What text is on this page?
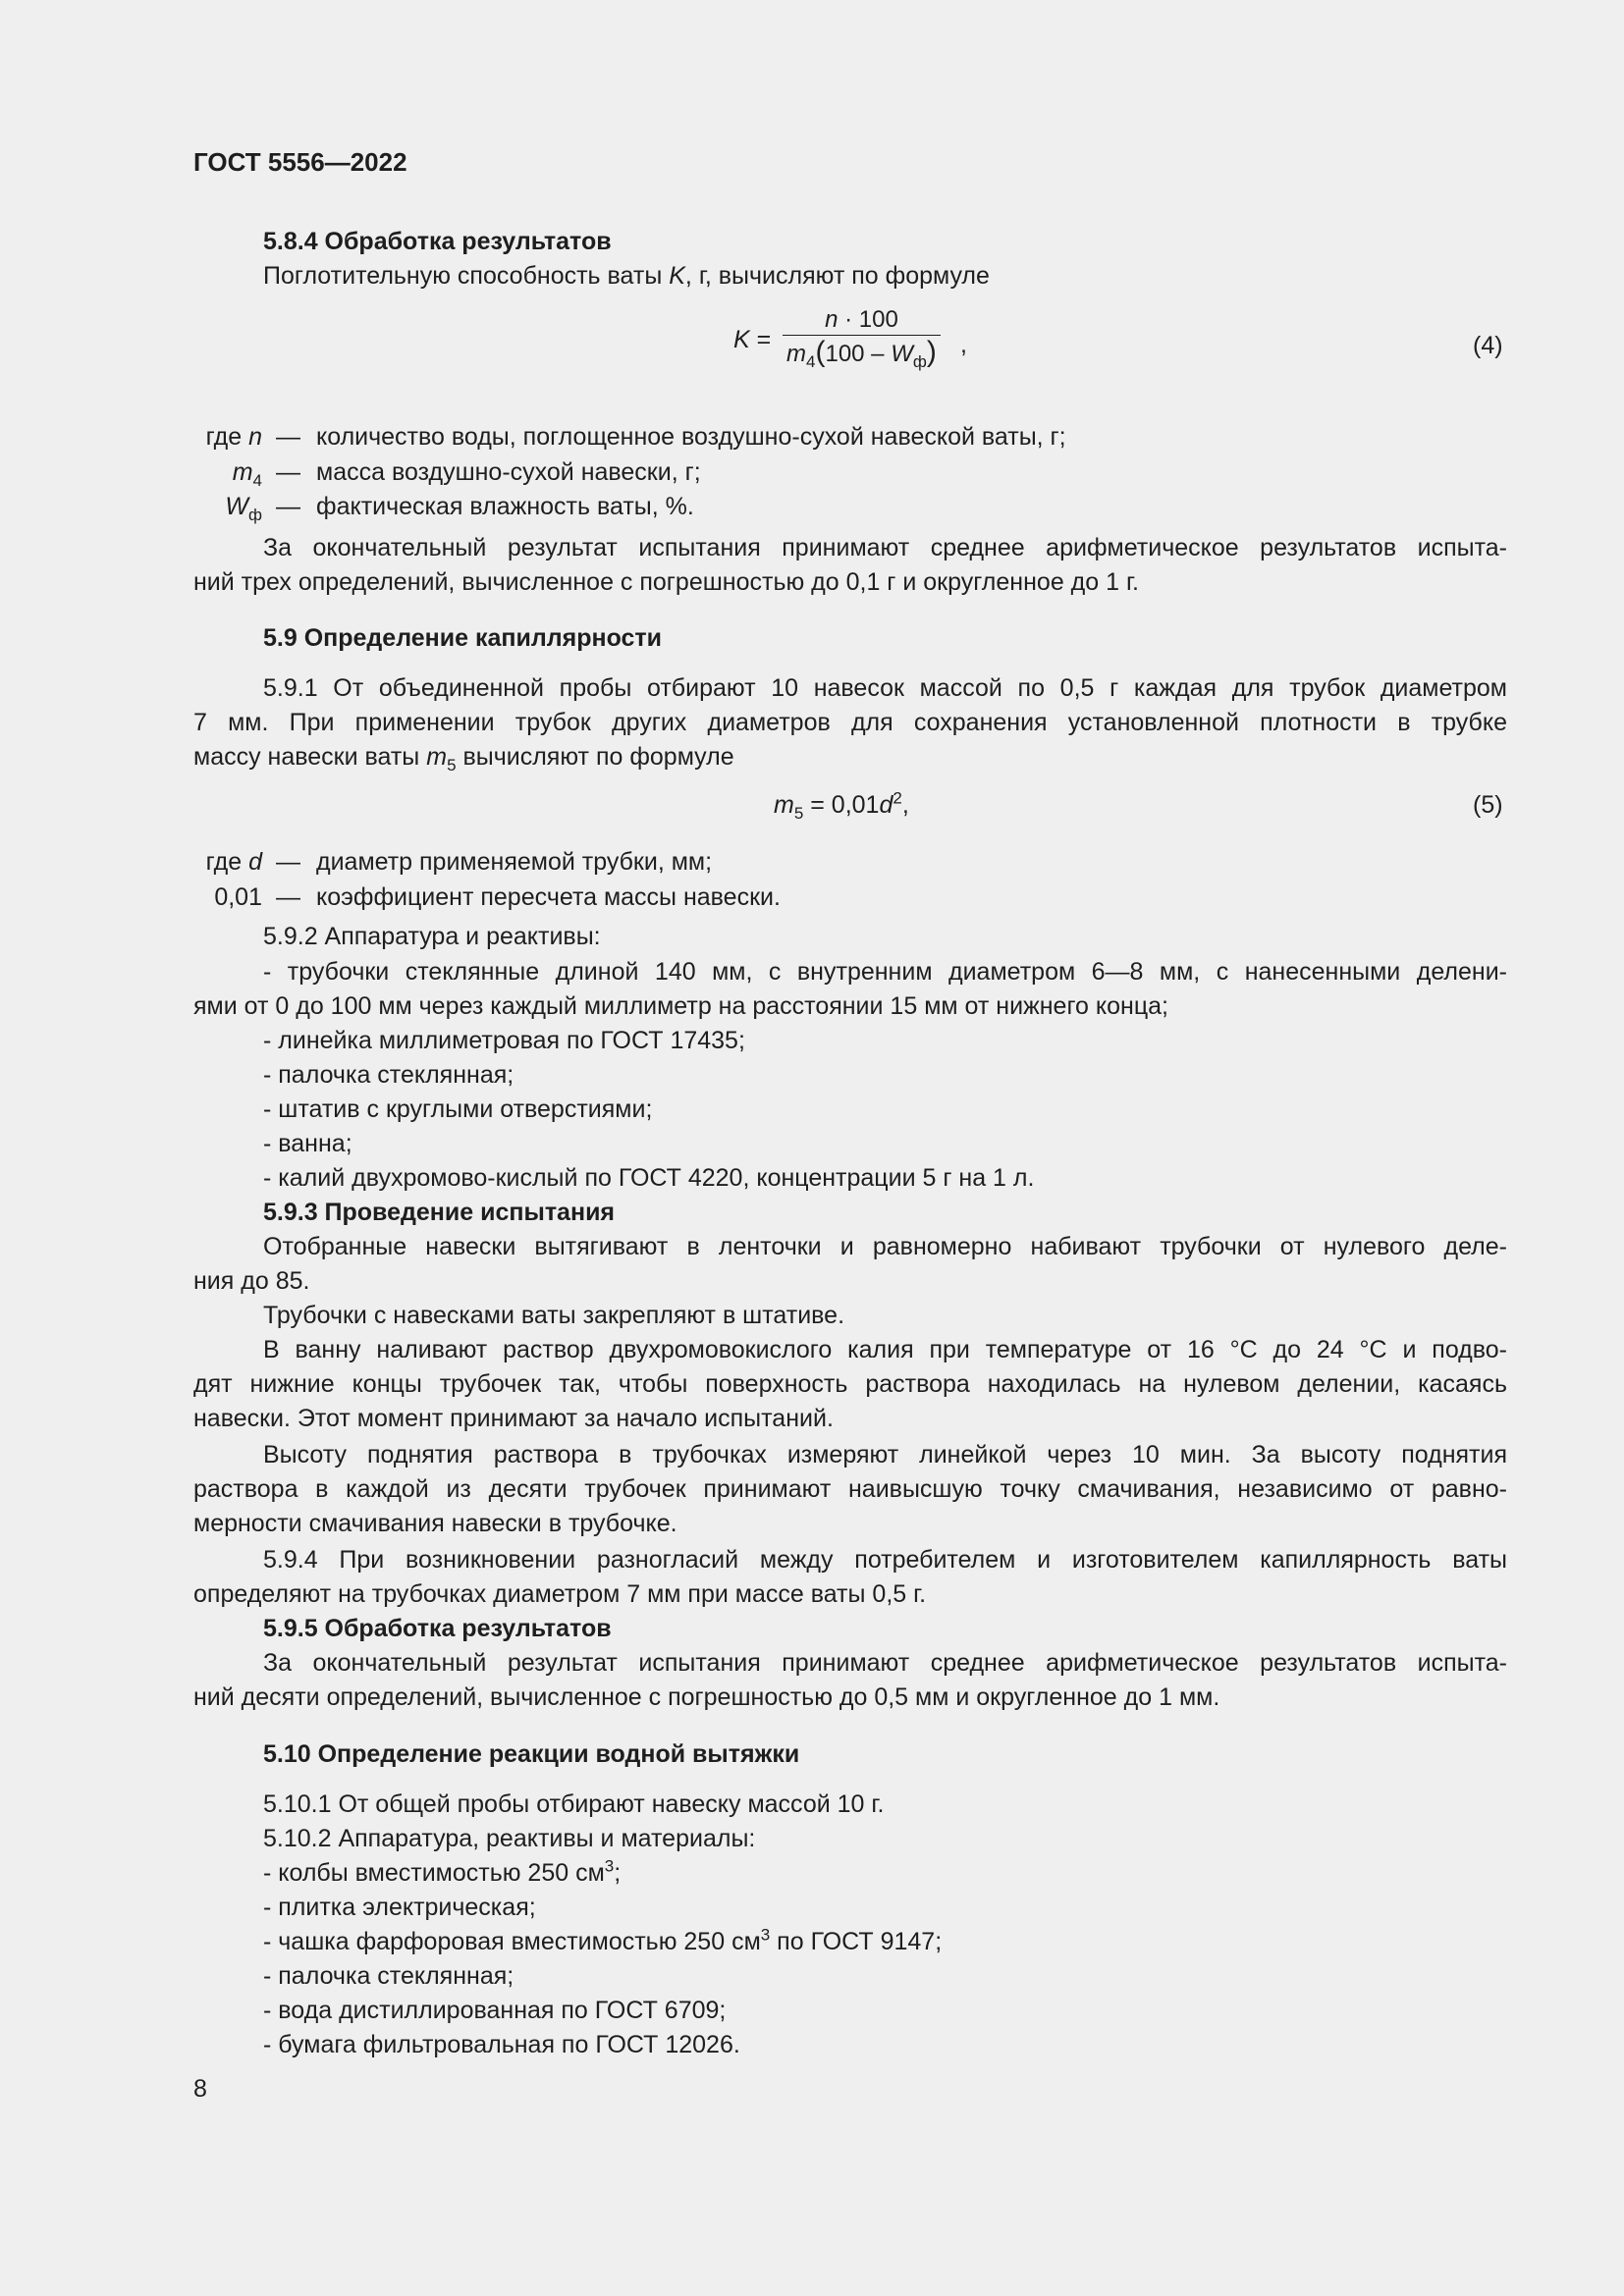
ГОСТ 5556—2022
5.8.4 Обработка результатов
Поглотительную способность ваты K, г, вычисляют по формуле
K =
n · 100
$m_4(100 - W_ф)$ ,	(4)
где n — количество воды, поглощенное воздушно-сухой навеской ваты, г;
$m_4$ — масса воздушно-сухой навески, г;
$W_ф$ — фактическая влажность ваты, %.
За окончательный результат испытания принимают среднее арифметическое результатов испыта-
ний трех определений, вычисленное с погрешностью до 0,1 г и округленное до 1 г.
5.9 Определение капиллярности
5.9.1 От объединенной пробы отбирают 10 навесок массой по 0,5 г каждая для трубок диаметром
7 мм. При применении трубок других диаметров для сохранения установленной плотности в трубке
массу навески ваты $m_5$ вычисляют по формуле
$m_5 = 0,01d^2$,	(5)
где d — диаметр применяемой трубки, мм;
0,01 — коэффициент пересчета массы навески.
5.9.2 Аппаратура и реактивы:
- трубочки стеклянные длиной 140 мм, с внутренним диаметром 6—8 мм, с нанесенными делени-
ями от 0 до 100 мм через каждый миллиметр на расстоянии 15 мм от нижнего конца;
- линейка миллиметровая по ГОСТ 17435;
- палочка стеклянная;
- штатив с круглыми отверстиями;
- ванна;
- калий двухромово-кислый по ГОСТ 4220, концентрации 5 г на 1 л.
5.9.3 Проведение испытания
Отобранные навески вытягивают в ленточки и равномерно набивают трубочки от нулевого деле-
ния до 85.
Трубочки с навесками ваты закрепляют в штативе.
В ванну наливают раствор двухромовокислого калия при температуре от 16 °С до 24 °С и подво-
дят нижние концы трубочек так, чтобы поверхность раствора находилась на нулевом делении, касаясь
навески. Этот момент принимают за начало испытаний.
Высоту поднятия раствора в трубочках измеряют линейкой через 10 мин. За высоту поднятия
раствора в каждой из десяти трубочек принимают наивысшую точку смачивания, независимо от равно-
мерности смачивания навески в трубочке.
5.9.4 При возникновении разногласий между потребителем и изготовителем капиллярность ваты
определяют на трубочках диаметром 7 мм при массе ваты 0,5 г.
5.9.5 Обработка результатов
За окончательный результат испытания принимают среднее арифметическое результатов испыта-
ний десяти определений, вычисленное с погрешностью до 0,5 мм и округленное до 1 мм.
5.10 Определение реакции водной вытяжки
5.10.1 От общей пробы отбирают навеску массой 10 г.
5.10.2 Аппаратура, реактивы и материалы:
- колбы вместимостью 250 $см^3$;
- плитка электрическая;
- чашка фарфоровая вместимостью 250 $см^3$ по ГОСТ 9147;
- палочка стеклянная;
- вода дистиллированная по ГОСТ 6709;
- бумага фильтровальная по ГОСТ 12026.
8
